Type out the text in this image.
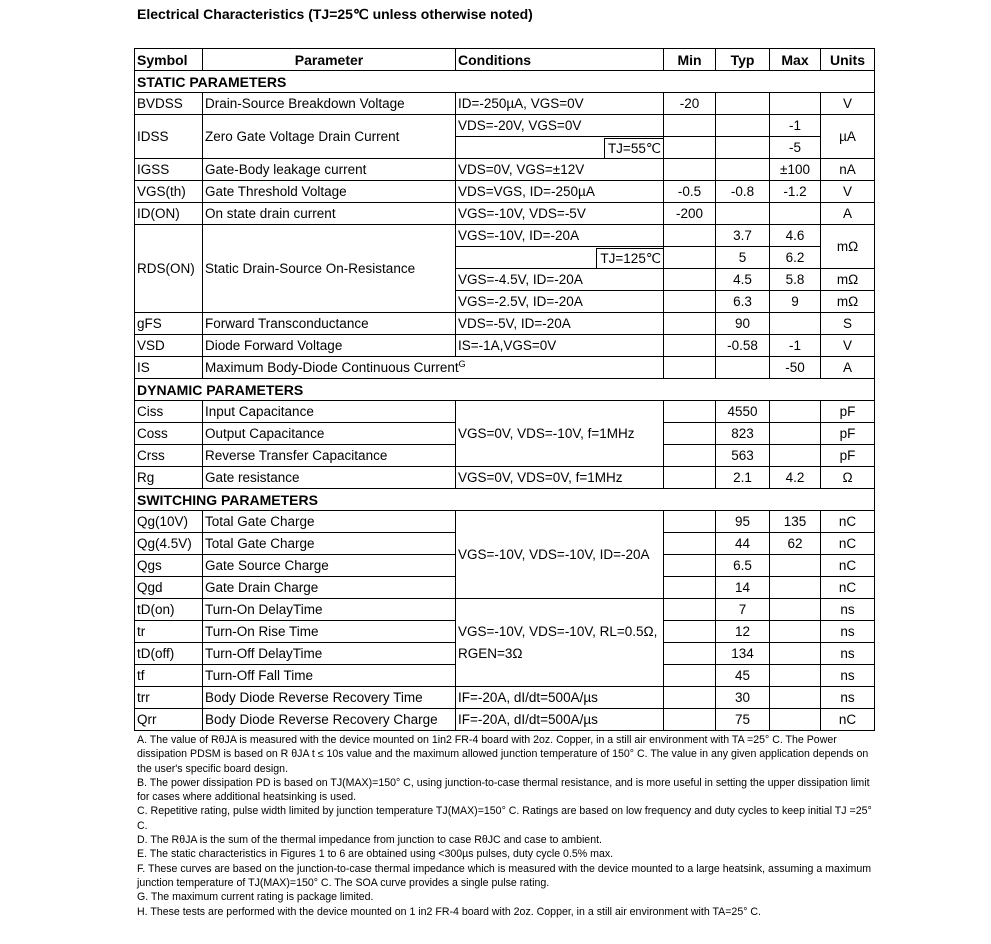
Electrical Characteristics (TJ=25℃ unless otherwise noted)
Symbol	Parameter	Conditions	Min	Typ	Max	Units
STATIC PARAMETERS						
BVDSS	Drain-Source Breakdown Voltage	ID=-250µA, VGS=0V	-20			V
IDSS	Zero Gate Voltage Drain Current	VDS=-20V, VGS=0V			-1	µA

		TJ=55℃			-5	
IGSS	Gate-Body leakage current	VDS=0V, VGS=±12V			±100	nA
VGS(th)	Gate Threshold Voltage	VDS=VGS, ID=-250µA	-0.5	-0.8	-1.2	V
ID(ON)	On state drain current	VGS=-10V, VDS=-5V	-200			A
RDS(ON)	Static Drain-Source On-Resistance	VGS=-10V, ID=-20A		3.7	4.6	mΩ

		TJ=125℃		5	6.2	
		VGS=-4.5V, ID=-20A		4.5	5.8	mΩ
		VGS=-2.5V, ID=-20A		6.3	9	mΩ
gFS	Forward Transconductance	VDS=-5V, ID=-20A		90		S
VSD	Diode Forward Voltage	IS=-1A,VGS=0V		-0.58	-1	V
IS	Maximum Body-Diode Continuous Current$^G$				-50	A
DYNAMIC PARAMETERS						
Ciss	Input Capacitance	VGS=0V, VDS=-10V, f=1MHz		4550		pF
Coss	Output Capacitance			823		pF
Crss	Reverse Transfer Capacitance			563		pF
Rg	Gate resistance	VGS=0V, VDS=0V, f=1MHz		2.1	4.2	Ω
SWITCHING PARAMETERS						
Qg(10V)	Total Gate Charge	VGS=-10V, VDS=-10V, ID=-20A		95	135	nC
Qg(4.5V)	Total Gate Charge			44	62	nC
Qgs	Gate Source Charge			6.5		nC
Qgd	Gate Drain Charge			14		nC
tD(on)	Turn-On DelayTime	VGS=-10V, VDS=-10V, RL=0.5Ω,
RGEN=3Ω		7		ns
tr	Turn-On Rise Time			12		ns
tD(off)	Turn-Off DelayTime			134		ns
tf	Turn-Off Fall Time			45		ns
trr	Body Diode Reverse Recovery Time	IF=-20A, dI/dt=500A/µs		30		ns
Qrr	Body Diode Reverse Recovery Charge	IF=-20A, dI/dt=500A/µs		75		nC

A. The value of RθJA is measured with the device mounted on 1in2 FR-4 board with 2oz. Copper, in a still air environment with TA =25° C. The Power dissipation PDSM is based on R θJA t ≤ 10s value and the maximum allowed junction temperature of 150° C. The value in any given application depends on the user's specific board design.

B. The power dissipation PD is based on TJ(MAX)=150° C, using junction-to-case thermal resistance, and is more useful in setting the upper dissipation limit for cases where additional heatsinking is used.

C. Repetitive rating, pulse width limited by junction temperature TJ(MAX)=150° C. Ratings are based on low frequency and duty cycles to keep initial TJ =25° C.

D. The RθJA is the sum of the thermal impedance from junction to case RθJC and case to ambient.

E. The static characteristics in Figures 1 to 6 are obtained using <300µs pulses, duty cycle 0.5% max.

F. These curves are based on the junction-to-case thermal impedance which is measured with the device mounted to a large heatsink, assuming a maximum junction temperature of TJ(MAX)=150° C. The SOA curve provides a single pulse rating.

G. The maximum current rating is package limited.

H. These tests are performed with the device mounted on 1 in2 FR-4 board with 2oz. Copper, in a still air environment with TA=25° C.
